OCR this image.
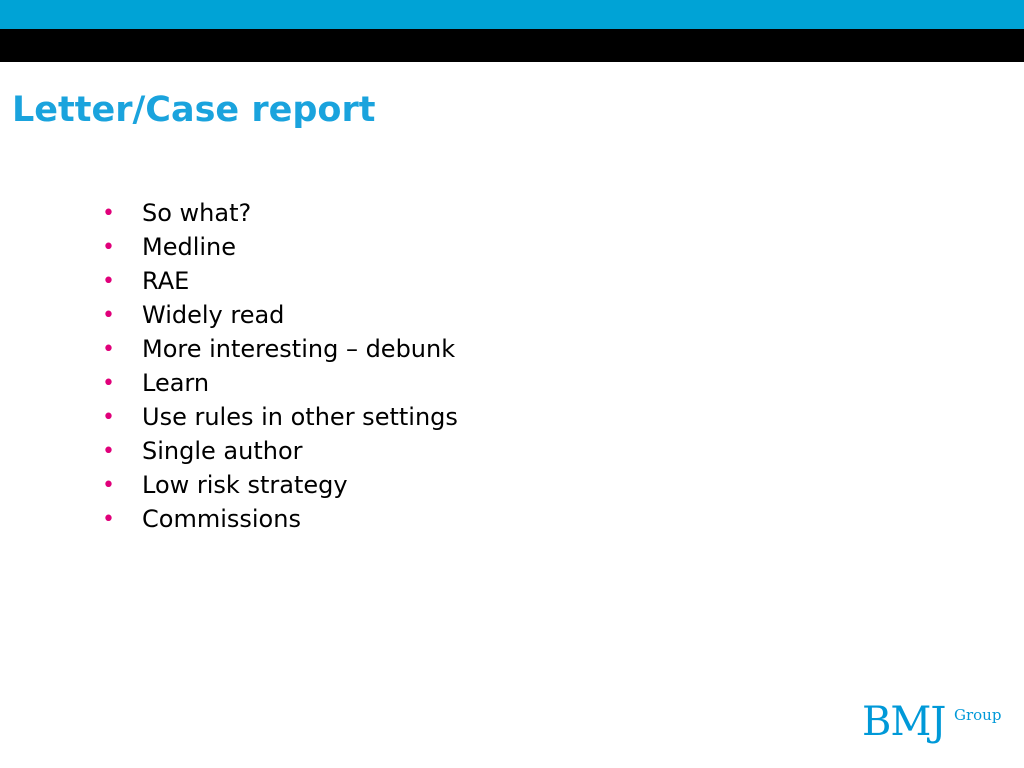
Letter/Case report
•	So what?
•	Medline
•	RAE
•	Widely read
•	More interesting – debunk
•	Learn
•	Use rules in other settings
•	Single author
•	Low risk strategy
•	Commissions
BMJ Group
